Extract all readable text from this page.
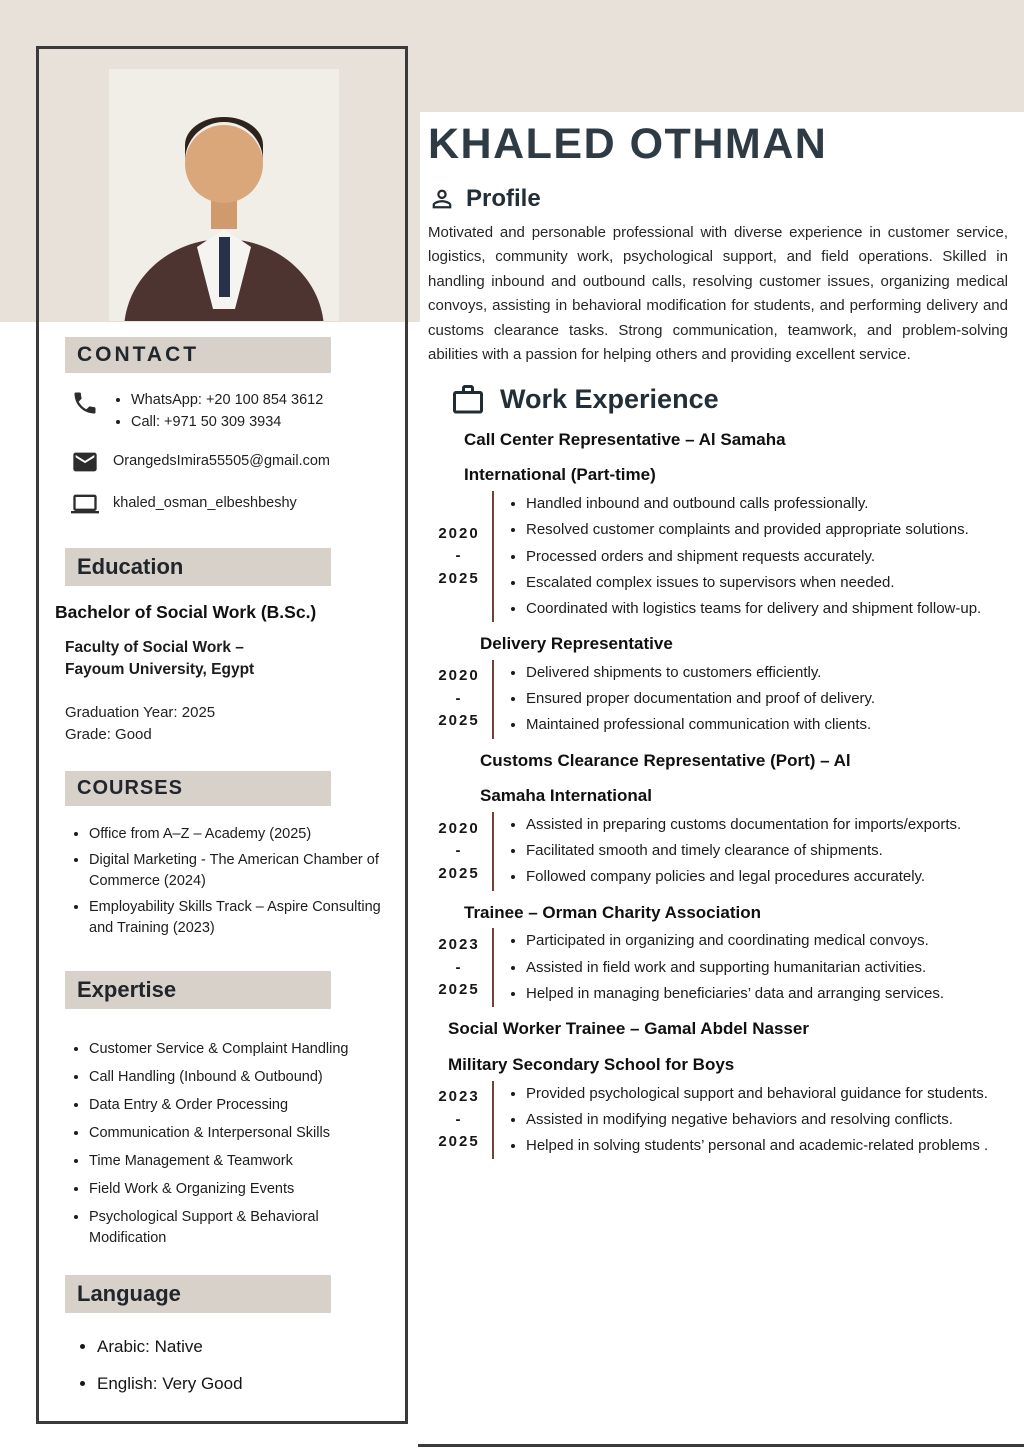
CONTACT
• WhatsApp: +20 100 854 3612
• Call: +971 50 309 3934
OrangedsImira55505@gmail.com
khaled_osman_elbeshbeshy
Education
Bachelor of Social Work (B.Sc.)
Faculty of Social Work –
Fayoum University, Egypt
Graduation Year: 2025
Grade: Good
COURSES
• Office from A–Z – Academy (2025)
• Digital Marketing - The American Chamber of Commerce (2024)
• Employability Skills Track – Aspire Consulting and Training (2023)
Expertise
• Customer Service & Complaint Handling
• Call Handling (Inbound & Outbound)
• Data Entry & Order Processing
• Communication & Interpersonal Skills
• Time Management & Teamwork
• Field Work & Organizing Events
• Psychological Support & Behavioral Modification
Language
• Arabic: Native
• English: Very Good
KHALED OTHMAN
Profile

Motivated and personable professional with diverse experience in customer service, logistics, community work, psychological support, and field operations. Skilled in handling inbound and outbound calls, resolving customer issues, organizing medical convoys, assisting in behavioral modification for students, and performing delivery and customs clearance tasks. Strong communication, teamwork, and problem-solving abilities with a passion for helping others and providing excellent service.

Work Experience
Call Center Representative – Al Samaha
International (Part-time)
2020
-
2025
• Handled inbound and outbound calls professionally.
• Resolved customer complaints and provided appropriate solutions.
• Processed orders and shipment requests accurately.
• Escalated complex issues to supervisors when needed.
• Coordinated with logistics teams for delivery and shipment follow-up.
Delivery Representative
2020
-
2025
• Delivered shipments to customers efficiently.
• Ensured proper documentation and proof of delivery.
• Maintained professional communication with clients.
Customs Clearance Representative (Port) – Al
Samaha International
2020
-
2025
• Assisted in preparing customs documentation for imports/exports.
• Facilitated smooth and timely clearance of shipments.
• Followed company policies and legal procedures accurately.
Trainee – Orman Charity Association
2023
-
2025
• Participated in organizing and coordinating medical convoys.
• Assisted in field work and supporting humanitarian activities.
• Helped in managing beneficiaries’ data and arranging services.
Social Worker Trainee – Gamal Abdel Nasser
Military Secondary School for Boys
2023
-
2025
• Provided psychological support and behavioral guidance for students.
• Assisted in modifying negative behaviors and resolving conflicts.
• Helped in solving students’ personal and academic-related problems .
